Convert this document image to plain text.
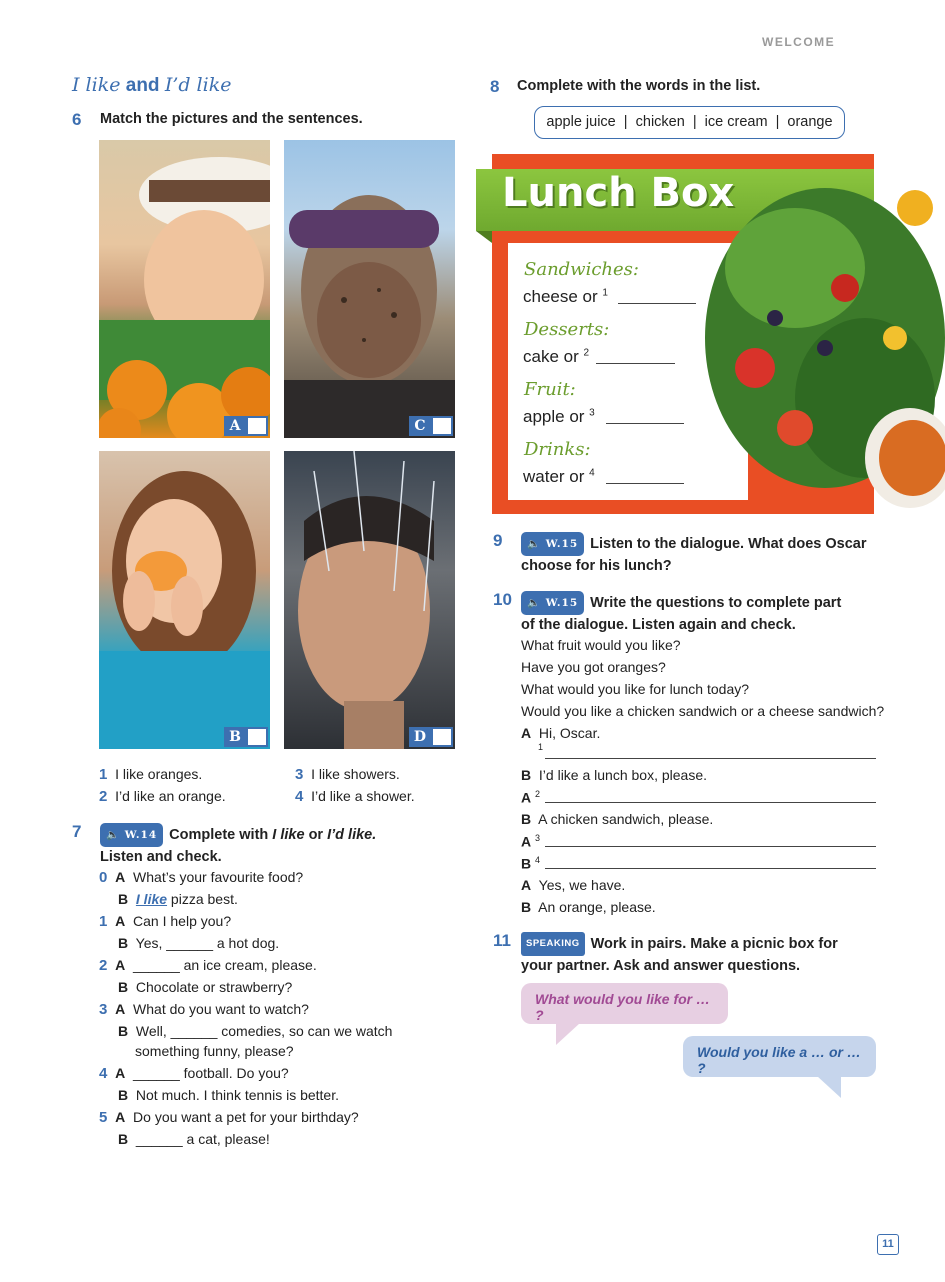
WELCOME
I like and I’d like
6 Match the pictures and the sentences.
A	C
B	D
1 I like oranges.
2 I’d like an orange.
3 I like showers.
4 I’d like a shower.
7	🔈 W.14 Complete with I like or I’d like.
Listen and check.
0 A What’s your favourite food?
B I like pizza best.
1 A Can I help you?
B Yes, ______ a hot dog.
2 A ______ an ice cream, please.
B Chocolate or strawberry?
3 A What do you want to watch?
B Well, ______ comedies, so can we watch
something funny, please?
4 A ______ football. Do you?
B Not much. I think tennis is better.
5 A Do you want a pet for your birthday?
B ______ a cat, please!
8 Complete with the words in the list.
apple juice  |  chicken  |  ice cream  |  orange
Lunch Box
Sandwiches:
cheese or $^1$
Desserts:
cake or $^2$
Fruit:
apple or $^3$
Drinks:
water or $^4$
9	🔈 W.15 Listen to the dialogue. What does Oscar
choose for his lunch?
10	🔈 W.15 Write the questions to complete part
of the dialogue. Listen again and check.
What fruit would you like?
Have you got oranges?
What would you like for lunch today?
Would you like a chicken sandwich or a cheese sandwich?
A Hi, Oscar.
1
B I’d like a lunch box, please.
A $^2$
B A chicken sandwich, please.
A $^3$
B $^4$
A Yes, we have.
B An orange, please.
11	SPEAKING Work in pairs. Make a picnic box for
your partner. Ask and answer questions.
What would you like for … ?
Would you like a … or … ?
11
